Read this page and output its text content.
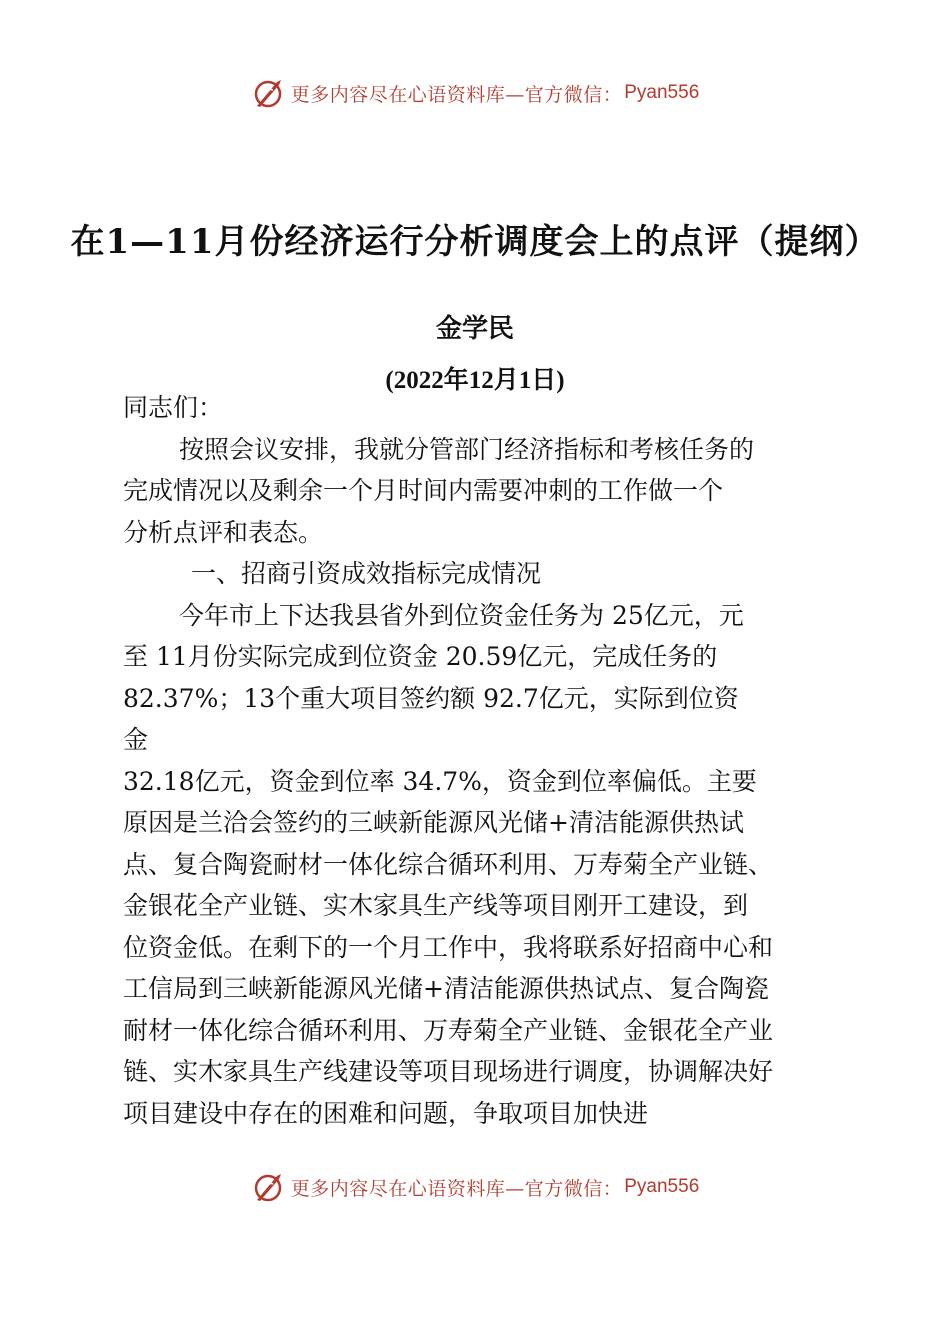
更多内容尽在心语资料库—官方微信： Pyan556
在1—11月份经济运行分析调度会上的点评（提纲）
金学民
(2022年12月1日)
同志们：
按照会议安排，我就分管部门经济指标和考核任务的
完成情况以及剩余一个月时间内需要冲刺的工作做一个
分析点评和表态。
一、招商引资成效指标完成情况
今年市上下达我县省外到位资金任务为 25亿元，元
至 11月份实际完成到位资金 20.59亿元，完成任务的
82.37%；13个重大项目签约额 92.7亿元，实际到位资
金
32.18亿元，资金到位率 34.7%，资金到位率偏低。主要
原因是兰洽会签约的三峡新能源风光储+清洁能源供热试
点、复合陶瓷耐材一体化综合循环利用、万寿菊全产业链、
金银花全产业链、实木家具生产线等项目刚开工建设，到
位资金低。在剩下的一个月工作中，我将联系好招商中心和
工信局到三峡新能源风光储+清洁能源供热试点、复合陶瓷
耐材一体化综合循环利用、万寿菊全产业链、金银花全产业
链、实木家具生产线建设等项目现场进行调度，协调解决好
项目建设中存在的困难和问题，争取项目加快进
更多内容尽在心语资料库—官方微信： Pyan556
